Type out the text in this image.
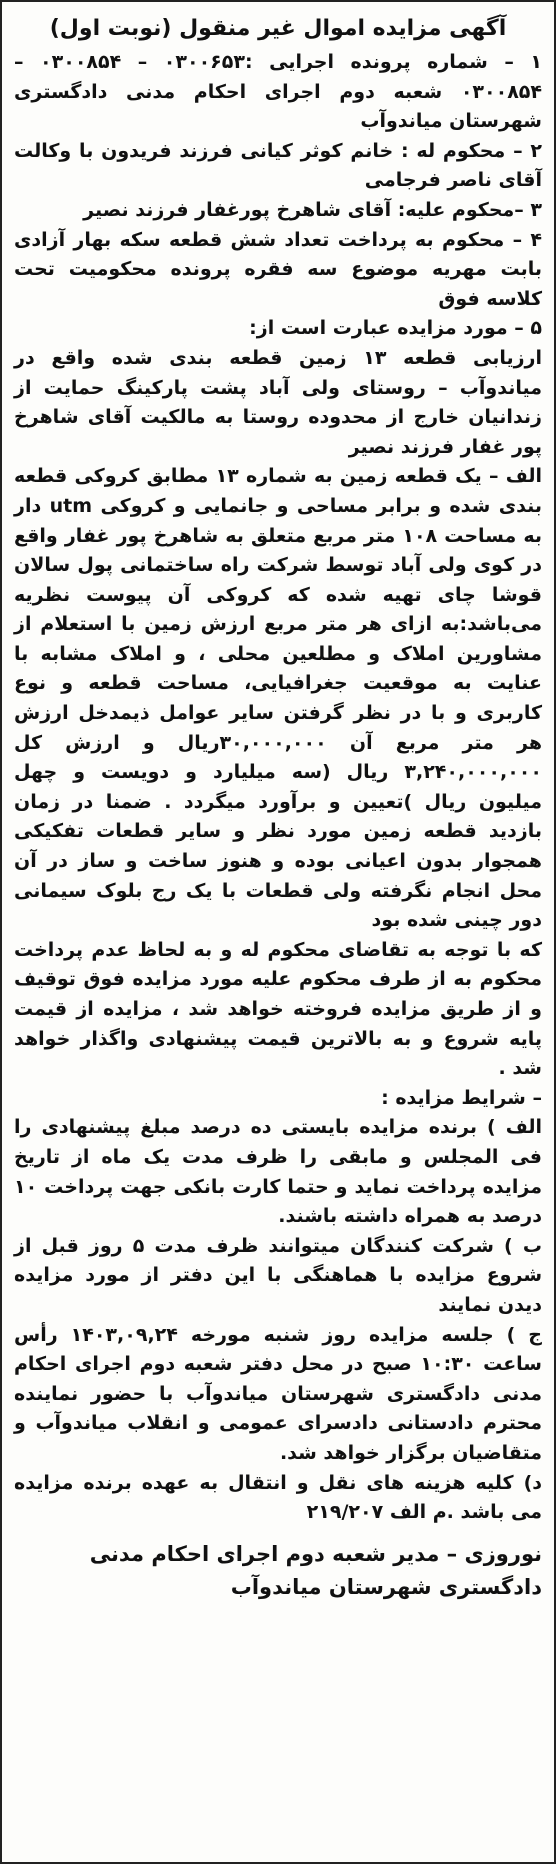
آگهی مزایده اموال غیر منقول (نوبت اول)

۱ – شماره پرونده اجرایی :۰۳۰۰۶۵۳ – ۰۳۰۰۸۵۴ – ۰۳۰۰۸۵۴ شعبه دوم اجرای احکام مدنی دادگستری شهرستان میاندوآب

۲ – محکوم له : خانم کوثر کیانی فرزند فریدون با وکالت آقای ناصر فرجامی

۳ –محکوم علیه: آقای شاهرخ پورغفار فرزند نصیر

۴ – محکوم به پرداخت تعداد شش قطعه سکه بهار آزادی بابت مهریه موضوع سه فقره پرونده محکومیت تحت کلاسه فوق

۵ – مورد مزایده عبارت است از:

ارزیابی قطعه ۱۳ زمین قطعه بندی شده واقع در میاندوآب – روستای ولی آباد پشت پارکینگ حمایت از زندانیان خارج از محدوده روستا به مالکیت آقای شاهرخ پور غفار فرزند نصیر

الف – یک قطعه زمین به شماره ۱۳ مطابق کروکی قطعه بندی شده و برابر مساحی و جانمایی و کروکی utm دار به مساحت ۱۰۸ متر مربع متعلق به شاهرخ پور غفار واقع در کوی ولی آباد توسط شرکت راه ساختمانی پول سالان قوشا چای تهیه شده که کروکی آن پیوست نظریه می‌باشد:به ازای هر متر مربع ارزش زمین با استعلام از مشاورین املاک و مطلعین محلی ، و املاک مشابه با عنایت به موقعیت جغرافیایی، مساحت قطعه و نوع کاربری و با در نظر گرفتن سایر عوامل ذیمدخل ارزش هر متر مربع آن ۳۰,۰۰۰,۰۰۰ریال و ارزش کل ۳,۲۴۰,۰۰۰,۰۰۰ ریال (سه میلیارد و دویست و چهل میلیون ریال )تعیین و برآورد میگردد . ضمنا در زمان بازدید قطعه زمین مورد نظر و سایر قطعات تفکیکی همجوار بدون اعیانی بوده و هنوز ساخت و ساز در آن محل انجام نگرفته ولی قطعات با یک رج بلوک سیمانی دور چینی شده بود

که با توجه به تقاضای محکوم له و به لحاظ عدم پرداخت محکوم به از طرف محکوم علیه مورد مزایده فوق توقیف و از طریق مزایده فروخته خواهد شد ، مزایده از قیمت پایه شروع و به بالاترین قیمت پیشنهادی واگذار خواهد شد .

– شرایط مزایده :

الف ) برنده مزایده بایستی ده درصد مبلغ پیشنهادی را فی المجلس و مابقی را ظرف مدت یک ماه از تاریخ مزایده پرداخت نماید و حتما کارت بانکی جهت پرداخت ۱۰ درصد به همراه داشته باشند.

ب ) شرکت کنندگان میتوانند ظرف مدت ۵ روز قبل از شروع مزایده با هماهنگی با این دفتر از مورد مزایده دیدن نمایند

ج ) جلسه مزایده روز شنبه مورخه ۱۴۰۳,۰۹,۲۴ رأس ساعت ۱۰:۳۰ صبح در محل دفتر شعبه دوم اجرای احکام مدنی دادگستری شهرستان میاندوآب با حضور نماینده محترم دادستانی دادسرای عمومی و انقلاب میاندوآب و متقاضیان برگزار خواهد شد.

د) کلیه هزینه های نقل و انتقال به عهده برنده مزایده می باشد .م الف ۲۱۹/۲۰۷

نوروزی – مدیر شعبه دوم اجرای احکام مدنی دادگستری شهرستان میاندوآب
